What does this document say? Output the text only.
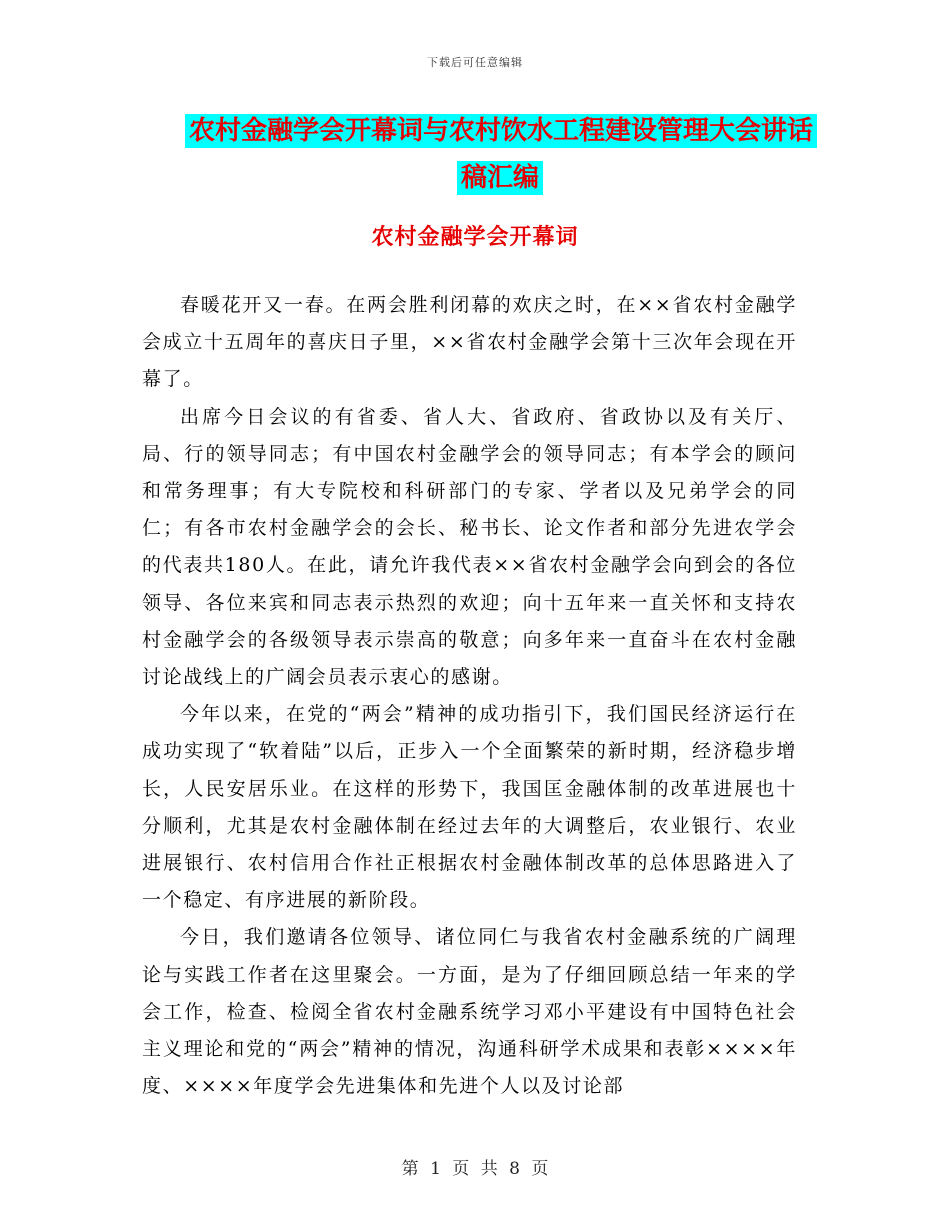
下载后可任意编辑
农村金融学会开幕词与农村饮水工程建设管理大会讲话稿汇编
农村金融学会开幕词

春暖花开又一春。在两会胜利闭幕的欢庆之时，在××省农村金融学会成立十五周年的喜庆日子里，××省农村金融学会第十三次年会现在开幕了。

出席今日会议的有省委、省人大、省政府、省政协以及有关厅、局、行的领导同志；有中国农村金融学会的领导同志；有本学会的顾问和常务理事；有大专院校和科研部门的专家、学者以及兄弟学会的同仁；有各市农村金融学会的会长、秘书长、论文作者和部分先进农学会的代表共180人。在此，请允许我代表××省农村金融学会向到会的各位领导、各位来宾和同志表示热烈的欢迎；向十五年来一直关怀和支持农村金融学会的各级领导表示崇高的敬意；向多年来一直奋斗在农村金融讨论战线上的广阔会员表示衷心的感谢。

今年以来，在党的“两会”精神的成功指引下，我们国民经济运行在成功实现了“软着陆”以后，正步入一个全面繁荣的新时期，经济稳步增长，人民安居乐业。在这样的形势下，我国匡金融体制的改革进展也十分顺利，尤其是农村金融体制在经过去年的大调整后，农业银行、农业进展银行、农村信用合作社正根据农村金融体制改革的总体思路进入了一个稳定、有序进展的新阶段。

今日，我们邀请各位领导、诸位同仁与我省农村金融系统的广阔理论与实践工作者在这里聚会。一方面，是为了仔细回顾总结一年来的学会工作，检查、检阅全省农村金融系统学习邓小平建设有中国特色社会主义理论和党的“两会”精神的情况，沟通科研学术成果和表彰××××年度、××××年度学会先进集体和先进个人以及讨论部

第 1 页 共 8 页
